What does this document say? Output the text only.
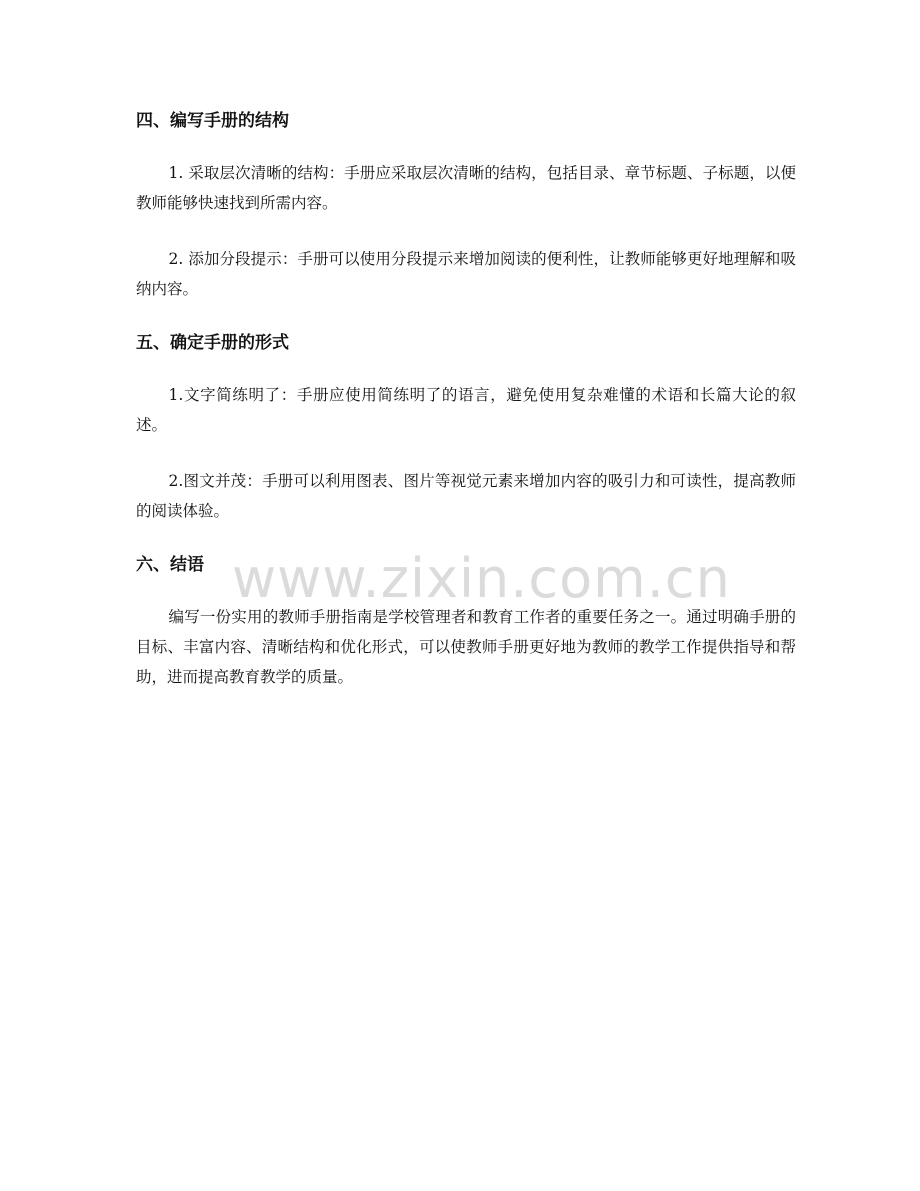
四、编写手册的结构

1. 采取层次清晰的结构：手册应采取层次清晰的结构，包括目录、章节标题、子标题，以便教师能够快速找到所需内容。

2. 添加分段提示：手册可以使用分段提示来增加阅读的便利性，让教师能够更好地理解和吸纳内容。

五、确定手册的形式

1.文字简练明了：手册应使用简练明了的语言，避免使用复杂难懂的术语和长篇大论的叙述。

2.图文并茂：手册可以利用图表、图片等视觉元素来增加内容的吸引力和可读性，提高教师的阅读体验。

六、结语

编写一份实用的教师手册指南是学校管理者和教育工作者的重要任务之一。通过明确手册的目标、丰富内容、清晰结构和优化形式，可以使教师手册更好地为教师的教学工作提供指导和帮助，进而提高教育教学的质量。

www.zixin.com.cn
